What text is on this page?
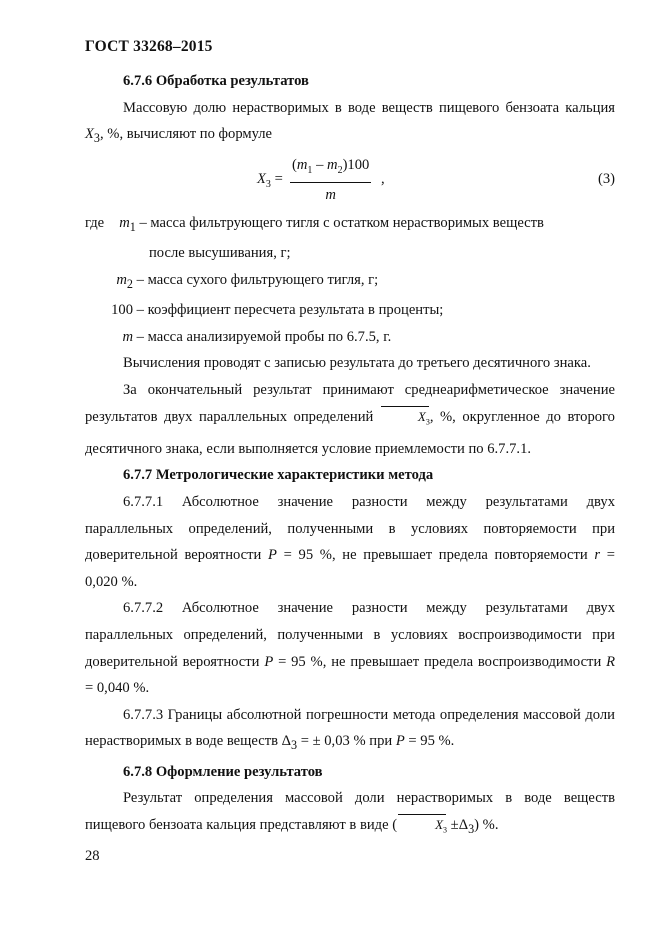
ГОСТ 33268–2015

6.7.6 Обработка результатов

Массовую долю нерастворимых в воде веществ пищевого бензоата кальция $X_3$, %, вычисляют по формуле

$X_3 = \frac{(m_1 - m_2)100}{m}$ ,	(3)

где $m_1$ – масса фильтрующего тигля с остатком нерастворимых веществ

после высушивания, г;

$m_2$ – масса сухого фильтрующего тигля, г;

100 – коэффициент пересчета результата в проценты;

m – масса анализируемой пробы по 6.7.5, г.

Вычисления проводят с записью результата до третьего десятичного знака.

За окончательный результат принимают среднеарифметическое значение результатов двух параллельных определений	$X_3$, %, округленное до второго десятичного знака, если выполняется условие приемлемости по 6.7.7.1.

6.7.7 Метрологические характеристики метода

6.7.7.1 Абсолютное значение разности между результатами двух параллельных определений, полученными в условиях повторяемости при доверительной вероятности P = 95 %, не превышает предела повторяемости r = 0,020 %.

6.7.7.2 Абсолютное значение разности между результатами двух параллельных определений, полученными в условиях воспроизводимости при доверительной вероятности P = 95 %, не превышает предела воспроизводимости R = 0,040 %.

6.7.7.3 Границы абсолютной погрешности метода определения массовой доли нерастворимых в воде веществ $\Delta_3$ = ± 0,03 % при P = 95 %.

6.7.8 Оформление результатов

Результат определения массовой доли нерастворимых в воде веществ пищевого бензоата кальция представляют в виде (	$X_3 \pm\Delta_3$) %.

28
